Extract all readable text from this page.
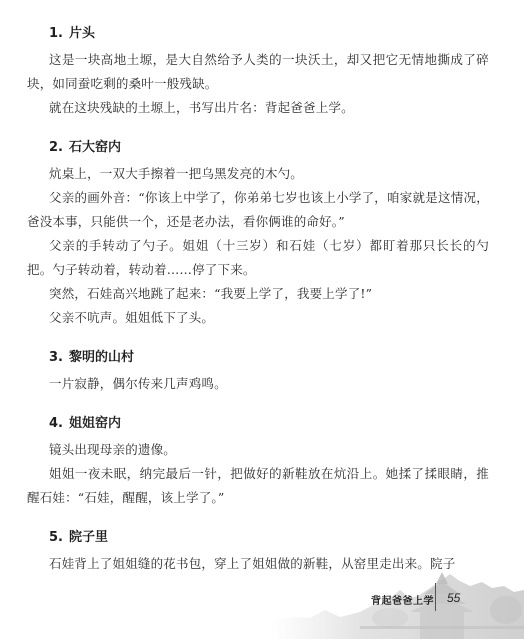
1. 片头

这是一块高地土塬，是大自然给予人类的一块沃土，却又把它无情地撕成了碎块，如同蚕吃剩的桑叶一般残缺。

就在这块残缺的土塬上，书写出片名：背起爸爸上学。

2. 石大窑内

炕桌上，一双大手擦着一把乌黑发亮的木勺。

父亲的画外音：“你该上中学了，你弟弟七岁也该上小学了，咱家就是这情况，爸没本事，只能供一个，还是老办法，看你俩谁的命好。”

父亲的手转动了勺子。姐姐（十三岁）和石娃（七岁）都盯着那只长长的勺把。勺子转动着，转动着……停了下来。

突然，石娃高兴地跳了起来：“我要上学了，我要上学了!”

父亲不吭声。姐姐低下了头。

3. 黎明的山村

一片寂静，偶尔传来几声鸡鸣。

4. 姐姐窑内

镜头出现母亲的遗像。

姐姐一夜未眠，纳完最后一针，把做好的新鞋放在炕沿上。她揉了揉眼睛，推醒石娃：“石娃，醒醒，该上学了。”

5. 院子里

石娃背上了姐姐缝的花书包，穿上了姐姐做的新鞋，从窑里走出来。院子

背起爸爸上学 55
